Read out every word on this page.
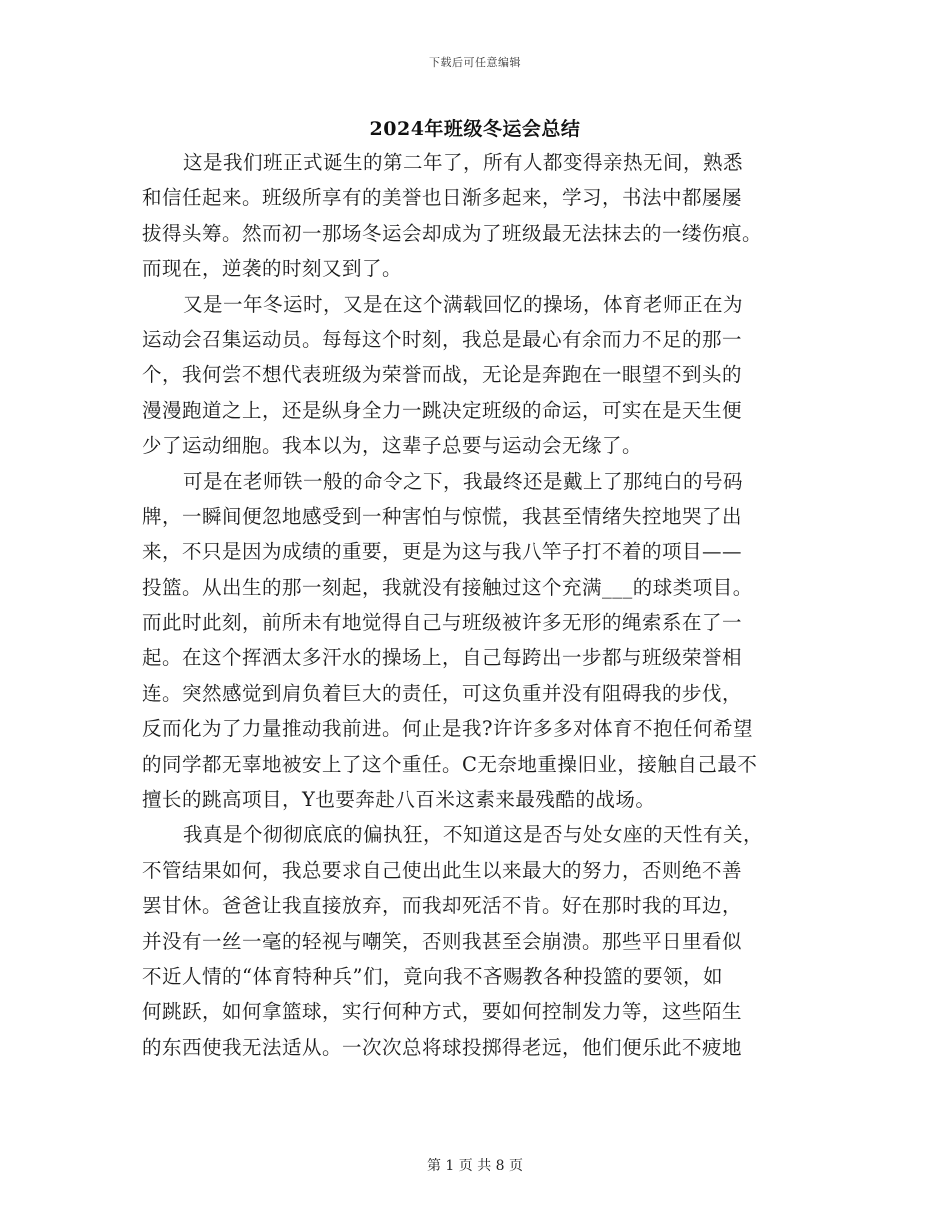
下载后可任意编辑
2024年班级冬运会总结
这是我们班正式诞生的第二年了，所有人都变得亲热无间，熟悉
和信任起来。班级所享有的美誉也日渐多起来，学习，书法中都屡屡
拔得头筹。然而初一那场冬运会却成为了班级最无法抹去的一缕伤痕。
而现在，逆袭的时刻又到了。
又是一年冬运时，又是在这个满载回忆的操场，体育老师正在为
运动会召集运动员。每每这个时刻，我总是最心有余而力不足的那一
个，我何尝不想代表班级为荣誉而战，无论是奔跑在一眼望不到头的
漫漫跑道之上，还是纵身全力一跳决定班级的命运，可实在是天生便
少了运动细胞。我本以为，这辈子总要与运动会无缘了。
可是在老师铁一般的命令之下，我最终还是戴上了那纯白的号码
牌，一瞬间便忽地感受到一种害怕与惊慌，我甚至情绪失控地哭了出
来，不只是因为成绩的重要，更是为这与我八竿子打不着的项目——
投篮。从出生的那一刻起，我就没有接触过这个充满___的球类项目。
而此时此刻，前所未有地觉得自己与班级被许多无形的绳索系在了一
起。在这个挥洒太多汗水的操场上，自己每跨出一步都与班级荣誉相
连。突然感觉到肩负着巨大的责任，可这负重并没有阻碍我的步伐，
反而化为了力量推动我前进。何止是我?许许多多对体育不抱任何希望
的同学都无辜地被安上了这个重任。C无奈地重操旧业，接触自己最不
擅长的跳高项目，Y也要奔赴八百米这素来最残酷的战场。
我真是个彻彻底底的偏执狂，不知道这是否与处女座的天性有关，
不管结果如何，我总要求自己使出此生以来最大的努力，否则绝不善
罢甘休。爸爸让我直接放弃，而我却死活不肯。好在那时我的耳边，
并没有一丝一毫的轻视与嘲笑，否则我甚至会崩溃。那些平日里看似
不近人情的“体育特种兵”们，竟向我不吝赐教各种投篮的要领，如
何跳跃，如何拿篮球，实行何种方式，要如何控制发力等，这些陌生
的东西使我无法适从。一次次总将球投掷得老远，他们便乐此不疲地
第 1 页 共 8 页
